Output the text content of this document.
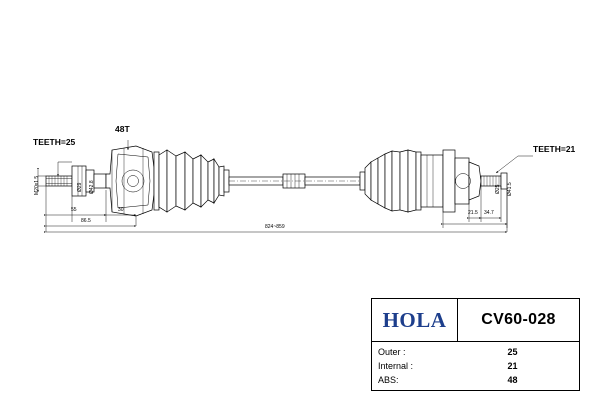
TEETH=25
48T
TEETH=21
M20x1.5	Ø29 Ø42.8	Ø25 Ø41.5
55	30
86.5
824~859
21.5 34.7
HOLA	CV60-028
Outer :	25
Internal :	21
ABS:	48
